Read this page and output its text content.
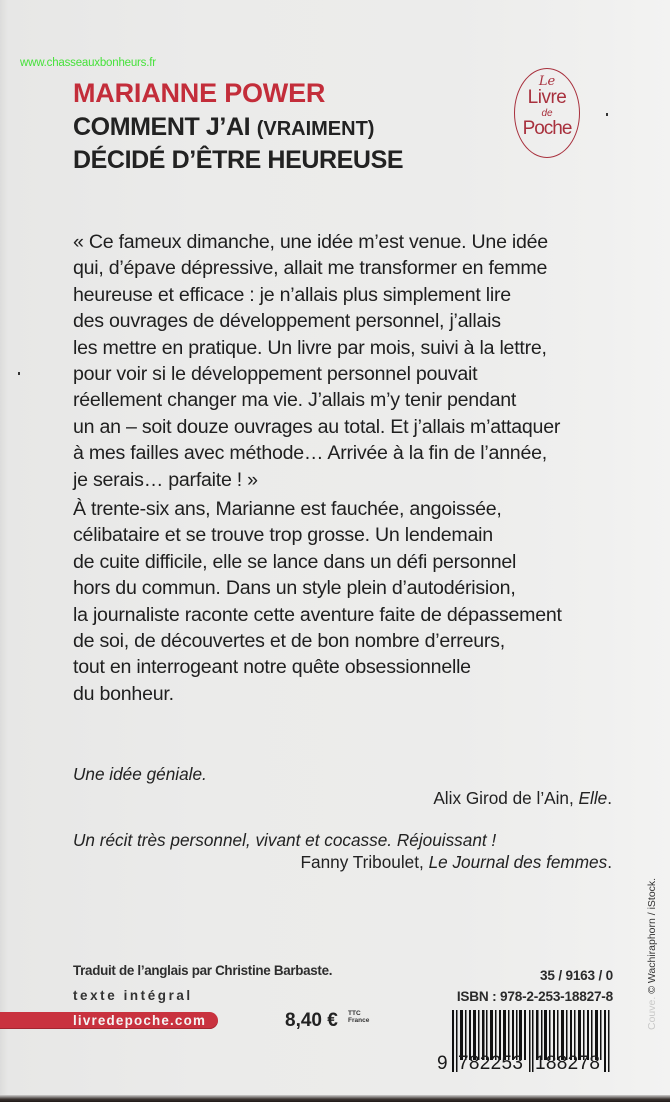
www.chasseauxbonheurs.fr
MARIANNE POWER
COMMENT J’AI (VRAIMENT)
DÉCIDÉ D’ÊTRE HEUREUSE
Le
Livre
de
Poche
« Ce fameux dimanche, une idée m’est venue. Une idée
qui, d’épave dépressive, allait me transformer en femme
heureuse et efficace : je n’allais plus simplement lire
des ouvrages de développement personnel, j’allais
les mettre en pratique. Un livre par mois, suivi à la lettre,
pour voir si le développement personnel pouvait
réellement changer ma vie. J’allais m’y tenir pendant
un an – soit douze ouvrages au total. Et j’allais m’attaquer
à mes failles avec méthode… Arrivée à la fin de l’année,
je serais… parfaite ! »
À trente-six ans, Marianne est fauchée, angoissée,
célibataire et se trouve trop grosse. Un lendemain
de cuite difficile, elle se lance dans un défi personnel
hors du commun. Dans un style plein d’autodérision,
la journaliste raconte cette aventure faite de dépassement
de soi, de découvertes et de bon nombre d’erreurs,
tout en interrogeant notre quête obsessionnelle
du bonheur.
Une idée géniale.
Alix Girod de l’Ain, Elle.
Un récit très personnel, vivant et cocasse. Réjouissant !
Fanny Triboulet, Le Journal des femmes.
Couve. © Wachiraphorn / iStock.
Traduit de l’anglais par Christine Barbaste.
texte intégral
livredepoche.com	8,40 € TTC
France
35 / 9163 / 0
ISBN : 978-2-253-18827-8
9 782253 188278
